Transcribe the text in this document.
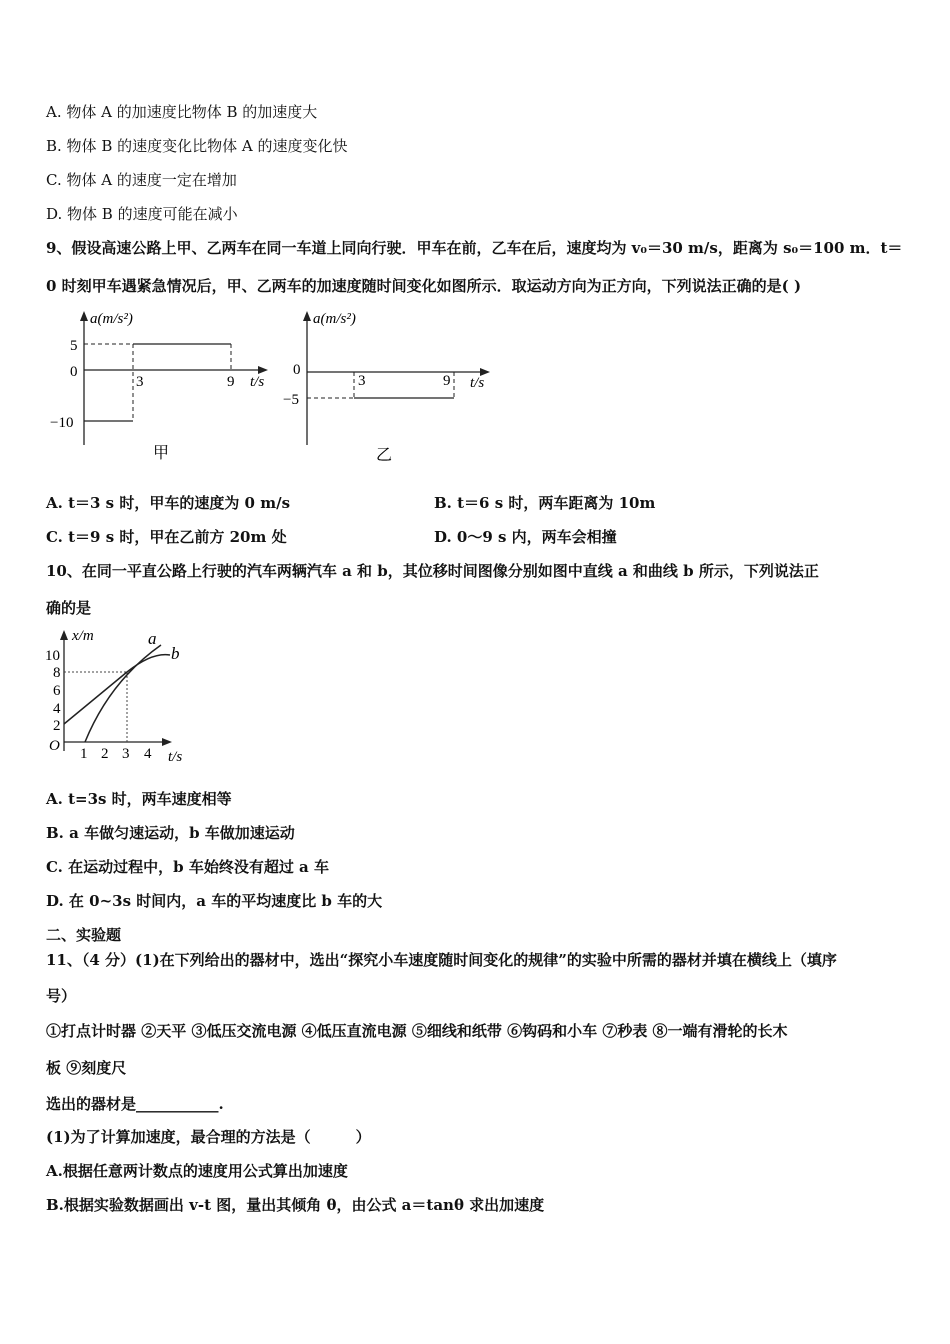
A. 物体 A 的加速度比物体 B 的加速度大
B. 物体 B 的速度变化比物体 A 的速度变化快
C. 物体 A 的速度一定在增加
D. 物体 B 的速度可能在减小
9、假设高速公路上甲、乙两车在同一车道上同向行驶．甲车在前，乙车在后，速度均为 v₀＝30 m/s，距离为 s₀＝100 m．t＝
0 时刻甲车遇紧急情况后，甲、乙两车的加速度随时间变化如图所示．取运动方向为正方向，下列说法正确的是( )
a(m/s²)
5
0
−10
3	9 t/s
甲
a(m/s²)
0
−5
3	9 t/s
乙
A. t＝3 s 时，甲车的速度为 0 m/s	B. t＝6 s 时，两车距离为 10m
C. t＝9 s 时，甲在乙前方 20m 处	D. 0～9 s 内，两车会相撞
10、在同一平直公路上行驶的汽车两辆汽车 a 和 b，其位移时间图像分别如图中直线 a 和曲线 b 所示，下列说法正
确的是
x/m	a
b
10
8
6
4
2
O 1 2 3 4 t/s
A. t=3s 时，两车速度相等
B. a 车做匀速运动，b 车做加速运动
C. 在运动过程中，b 车始终没有超过 a 车
D. 在 0~3s 时间内，a 车的平均速度比 b 车的大
二、实验题
11、（4 分）(1)在下列给出的器材中，选出“探究小车速度随时间变化的规律”的实验中所需的器材并填在横线上（填序
号）
①打点计时器 ②天平 ③低压交流电源 ④低压直流电源 ⑤细线和纸带 ⑥钩码和小车 ⑦秒表 ⑧一端有滑轮的长木
板 ⑨刻度尺
选出的器材是___________.
(1)为了计算加速度，最合理的方法是（　　　）
A.根据任意两计数点的速度用公式算出加速度
B.根据实验数据画出 v-t 图，量出其倾角 θ，由公式 a＝tanθ 求出加速度
